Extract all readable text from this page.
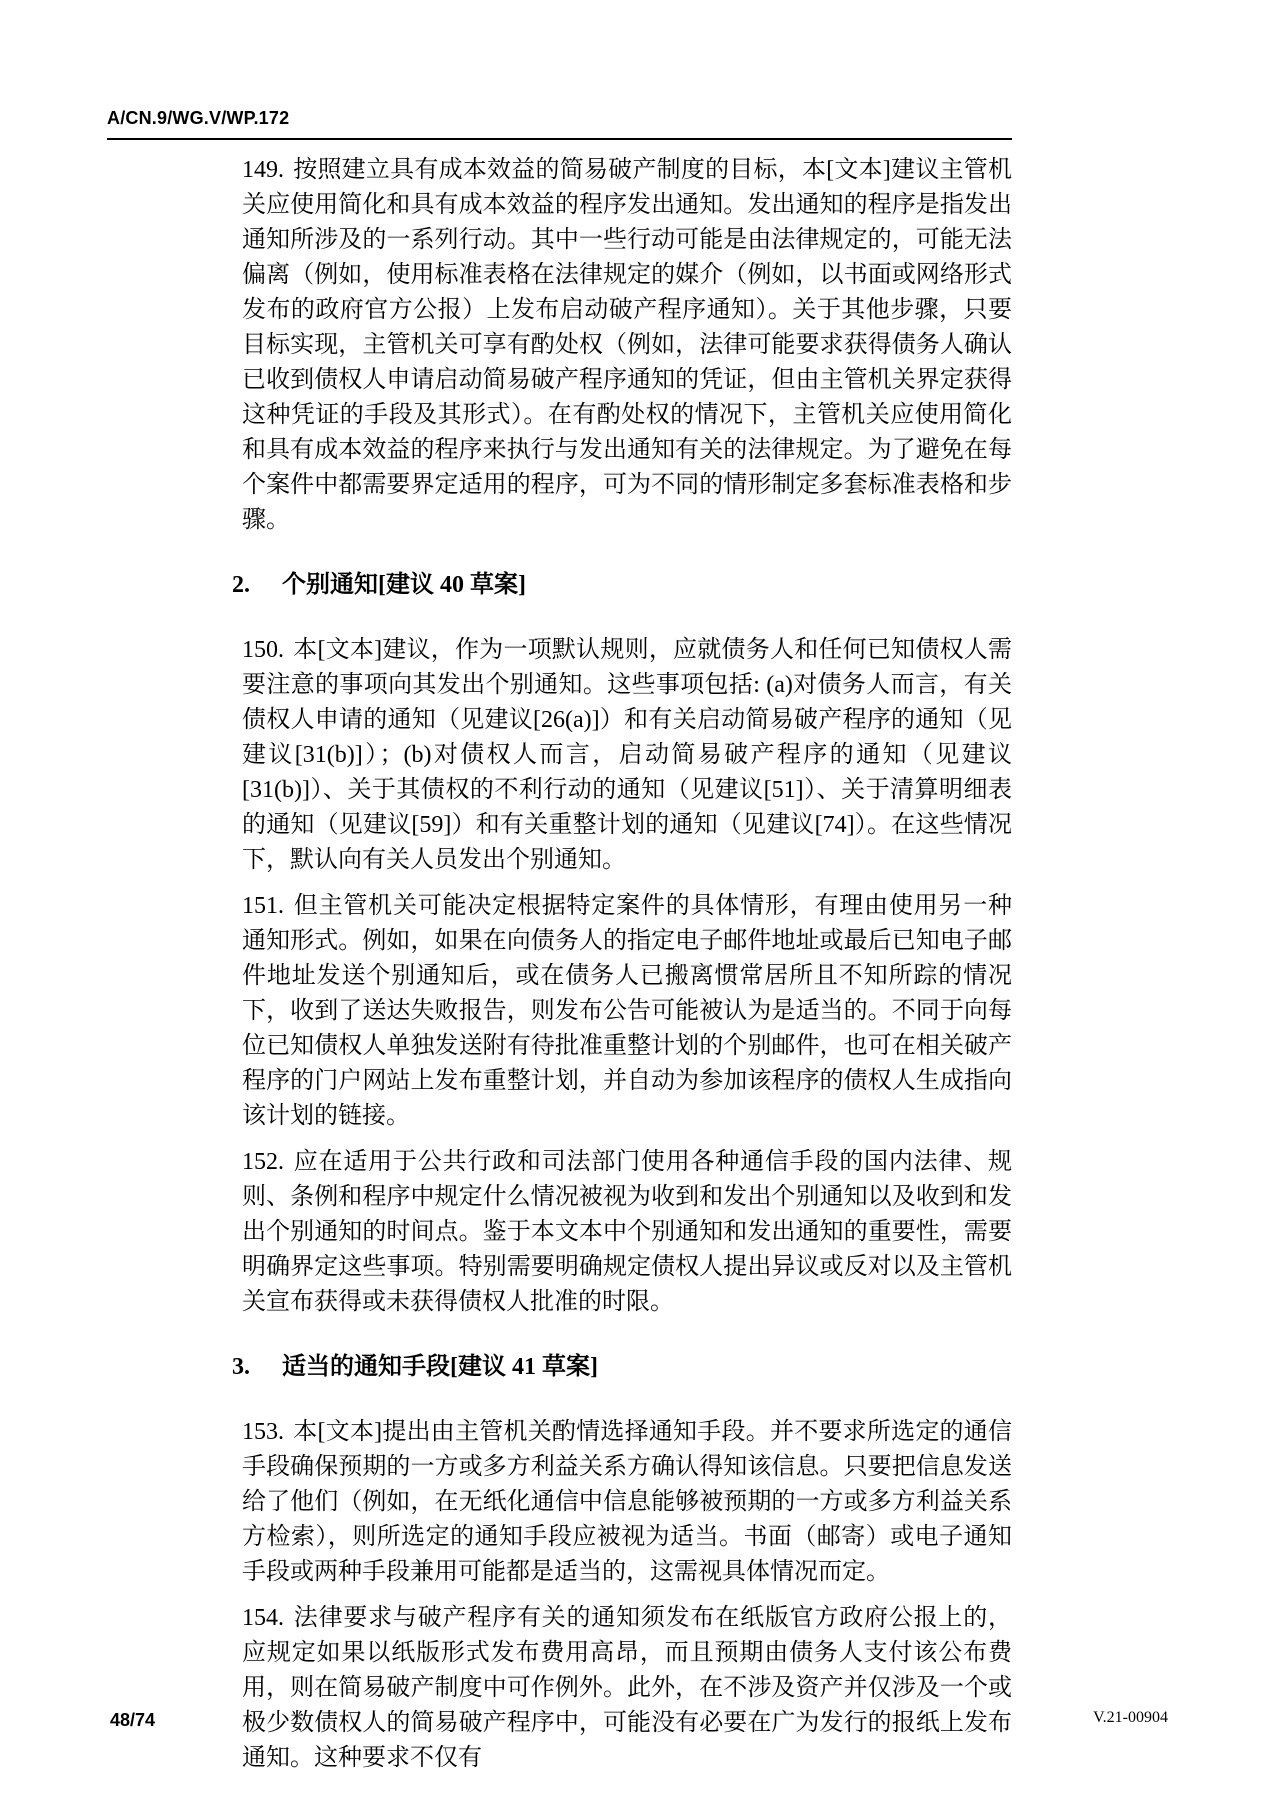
A/CN.9/WG.V/WP.172

149. 按照建立具有成本效益的简易破产制度的目标，本[文本]建议主管机关应使用简化和具有成本效益的程序发出通知。发出通知的程序是指发出通知所涉及的一系列行动。其中一些行动可能是由法律规定的，可能无法偏离（例如，使用标准表格在法律规定的媒介（例如，以书面或网络形式发布的政府官方公报）上发布启动破产程序通知）。关于其他步骤，只要目标实现，主管机关可享有酌处权（例如，法律可能要求获得债务人确认已收到债权人申请启动简易破产程序通知的凭证，但由主管机关界定获得这种凭证的手段及其形式）。在有酌处权的情况下，主管机关应使用简化和具有成本效益的程序来执行与发出通知有关的法律规定。为了避免在每个案件中都需要界定适用的程序，可为不同的情形制定多套标准表格和步骤。

2.	个别通知[建议 40 草案]

150. 本[文本]建议，作为一项默认规则，应就债务人和任何已知债权人需要注意的事项向其发出个别通知。这些事项包括: (a)对债务人而言，有关债权人申请的通知（见建议[26(a)]）和有关启动简易破产程序的通知（见建议[31(b)]）；(b)对债权人而言，启动简易破产程序的通知（见建议[31(b)]）、关于其债权的不利行动的通知（见建议[51]）、关于清算明细表的通知（见建议[59]）和有关重整计划的通知（见建议[74]）。在这些情况下，默认向有关人员发出个别通知。

151. 但主管机关可能决定根据特定案件的具体情形，有理由使用另一种通知形式。例如，如果在向债务人的指定电子邮件地址或最后已知电子邮件地址发送个别通知后，或在债务人已搬离惯常居所且不知所踪的情况下，收到了送达失败报告，则发布公告可能被认为是适当的。不同于向每位已知债权人单独发送附有待批准重整计划的个别邮件，也可在相关破产程序的门户网站上发布重整计划，并自动为参加该程序的债权人生成指向该计划的链接。

152. 应在适用于公共行政和司法部门使用各种通信手段的国内法律、规则、条例和程序中规定什么情况被视为收到和发出个别通知以及收到和发出个别通知的时间点。鉴于本文本中个别通知和发出通知的重要性，需要明确界定这些事项。特别需要明确规定债权人提出异议或反对以及主管机关宣布获得或未获得债权人批准的时限。

3.	适当的通知手段[建议 41 草案]

153. 本[文本]提出由主管机关酌情选择通知手段。并不要求所选定的通信手段确保预期的一方或多方利益关系方确认得知该信息。只要把信息发送给了他们（例如，在无纸化通信中信息能够被预期的一方或多方利益关系方检索），则所选定的通知手段应被视为适当。书面（邮寄）或电子通知手段或两种手段兼用可能都是适当的，这需视具体情况而定。

154. 法律要求与破产程序有关的通知须发布在纸版官方政府公报上的，应规定如果以纸版形式发布费用高昂，而且预期由债务人支付该公布费用，则在简易破产制度中可作例外。此外，在不涉及资产并仅涉及一个或极少数债权人的简易破产程序中，可能没有必要在广为发行的报纸上发布通知。这种要求不仅有

48/74	V.21-00904
